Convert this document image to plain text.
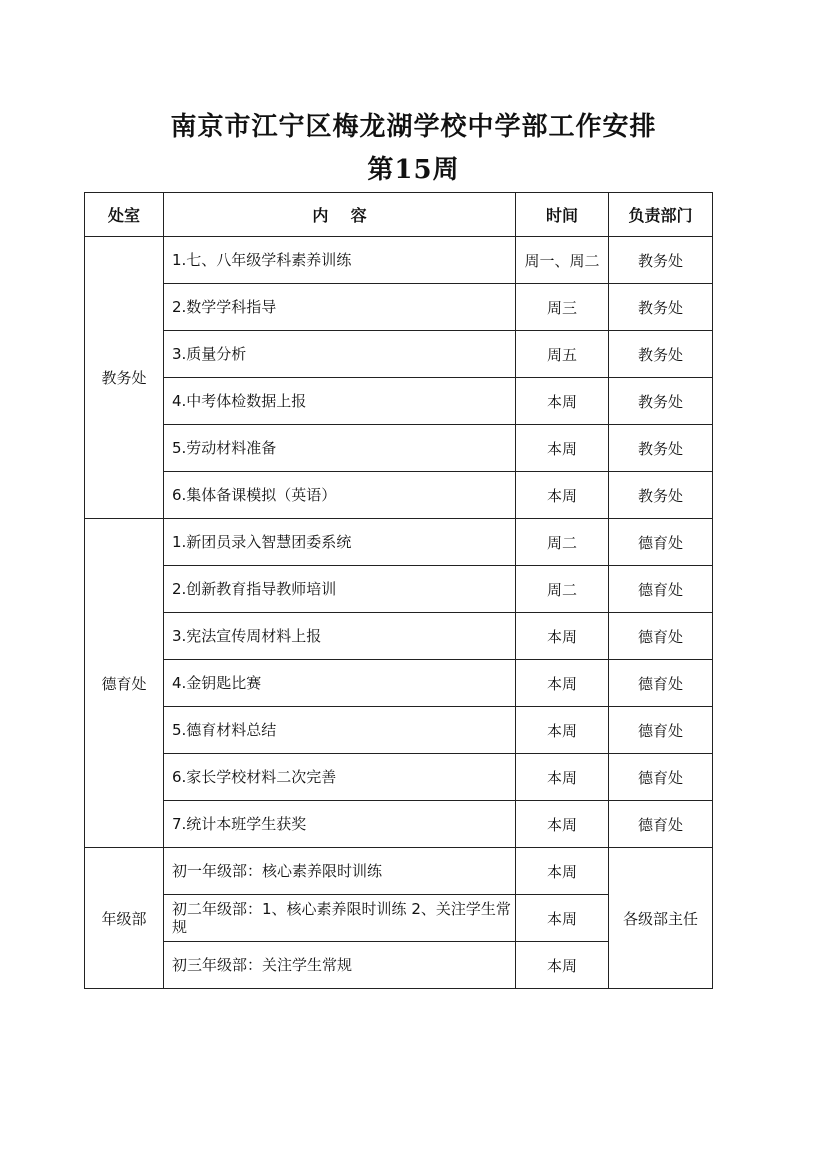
南京市江宁区梅龙湖学校中学部工作安排
第15周
处室	内    容	时间	负责部门
教务处	1.七、八年级学科素养训练	周一、周二	教务处
	2.数学学科指导	周三	教务处
	3.质量分析	周五	教务处
	4.中考体检数据上报	本周	教务处
	5.劳动材料准备	本周	教务处
	6.集体备课模拟（英语）	本周	教务处
德育处	1.新团员录入智慧团委系统	周二	德育处
	2.创新教育指导教师培训	周二	德育处
	3.宪法宣传周材料上报	本周	德育处
	4.金钥匙比赛	本周	德育处
	5.德育材料总结	本周	德育处
	6.家长学校材料二次完善	本周	德育处
	7.统计本班学生获奖	本周	德育处
年级部	初一年级部：核心素养限时训练	本周	各级部主任
	初二年级部：1、核心素养限时训练 2、关注学生常规	本周	
	初三年级部：关注学生常规	本周	
